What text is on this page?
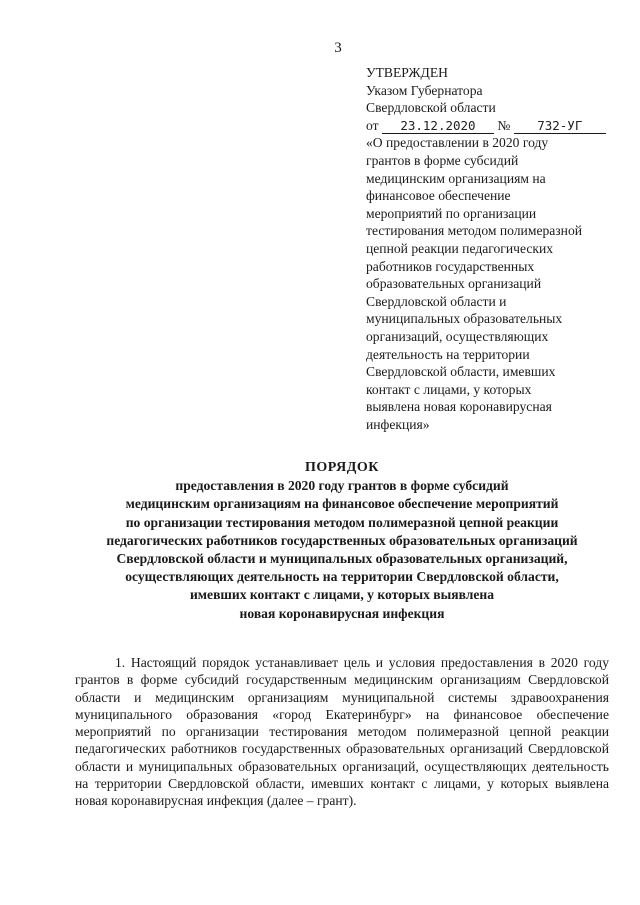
3
УТВЕРЖДЕН
Указом Губернатора
Свердловской области
от 23.12.2020 № 732-УГ
«О предоставлении в 2020 году
грантов в форме субсидий
медицинским организациям на
финансовое обеспечение
мероприятий по организации
тестирования методом полимеразной
цепной реакции педагогических
работников государственных
образовательных организаций
Свердловской области и
муниципальных образовательных
организаций, осуществляющих
деятельность на территории
Свердловской области, имевших
контакт с лицами, у которых
выявлена новая коронавирусная
инфекция»
ПОРЯДОК
предоставления в 2020 году грантов в форме субсидий
медицинским организациям на финансовое обеспечение мероприятий
по организации тестирования методом полимеразной цепной реакции
педагогических работников государственных образовательных организаций
Свердловской области и муниципальных образовательных организаций,
осуществляющих деятельность на территории Свердловской области,
имевших контакт с лицами, у которых выявлена
новая коронавирусная инфекция

1. Настоящий порядок устанавливает цель и условия предоставления в 2020 году грантов в форме субсидий государственным медицинским организациям Свердловской области и медицинским организациям муниципальной системы здравоохранения муниципального образования «город Екатеринбург» на финансовое обеспечение мероприятий по организации тестирования методом полимеразной цепной реакции педагогических работников государственных образовательных организаций Свердловской области и муниципальных образовательных организаций, осуществляющих деятельность на территории Свердловской области, имевших контакт с лицами, у которых выявлена новая коронавирусная инфекция (далее – грант).
